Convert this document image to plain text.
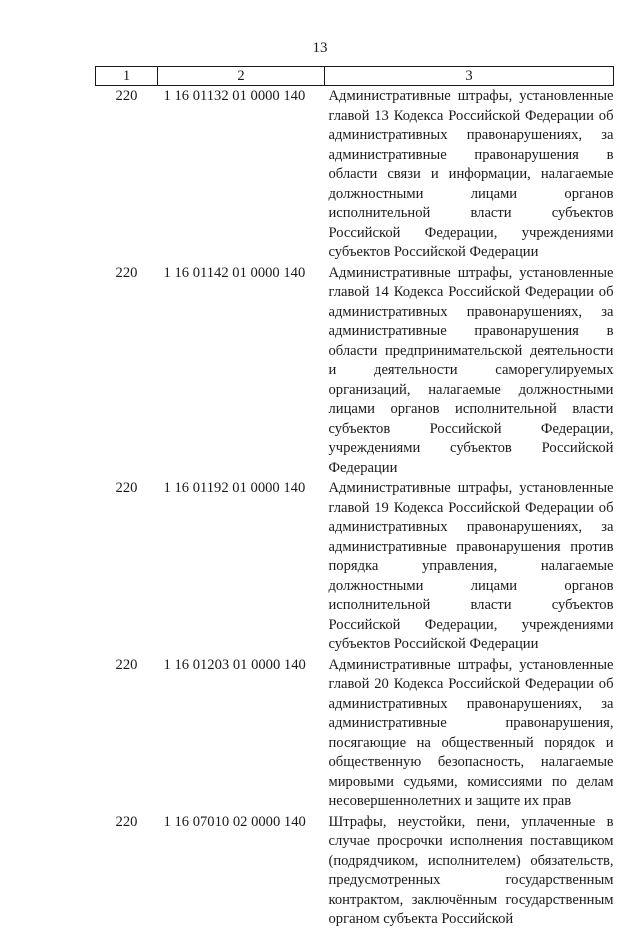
13
1	2	3
220	1 16 01132 01 0000 140	Административные штрафы, установленные главой 13 Кодекса Российской Федерации об административных правонарушениях, за административные правонарушения в области связи и информации, налагаемые должностными лицами органов исполнительной власти субъектов Российской Федерации, учреждениями субъектов Российской Федерации
220	1 16 01142 01 0000 140	Административные штрафы, установленные главой 14 Кодекса Российской Федерации об административных правонарушениях, за административные правонарушения в области предпринимательской деятельности и деятельности саморегулируемых организаций, налагаемые должностными лицами органов исполнительной власти субъектов Российской Федерации, учреждениями субъектов Российской Федерации
220	1 16 01192 01 0000 140	Административные штрафы, установленные главой 19 Кодекса Российской Федерации об административных правонарушениях, за административные правонарушения против порядка управления, налагаемые должностными лицами органов исполнительной власти субъектов Российской Федерации, учреждениями субъектов Российской Федерации
220	1 16 01203 01 0000 140	Административные штрафы, установленные главой 20 Кодекса Российской Федерации об административных правонарушениях, за административные правонарушения, посягающие на общественный порядок и общественную безопасность, налагаемые мировыми судьями, комиссиями по делам несовершеннолетних и защите их прав
220	1 16 07010 02 0000 140	Штрафы, неустойки, пени, уплаченные в случае просрочки исполнения поставщиком (подрядчиком, исполнителем) обязательств, предусмотренных государственным контрактом, заключённым государственным органом субъекта Российской
